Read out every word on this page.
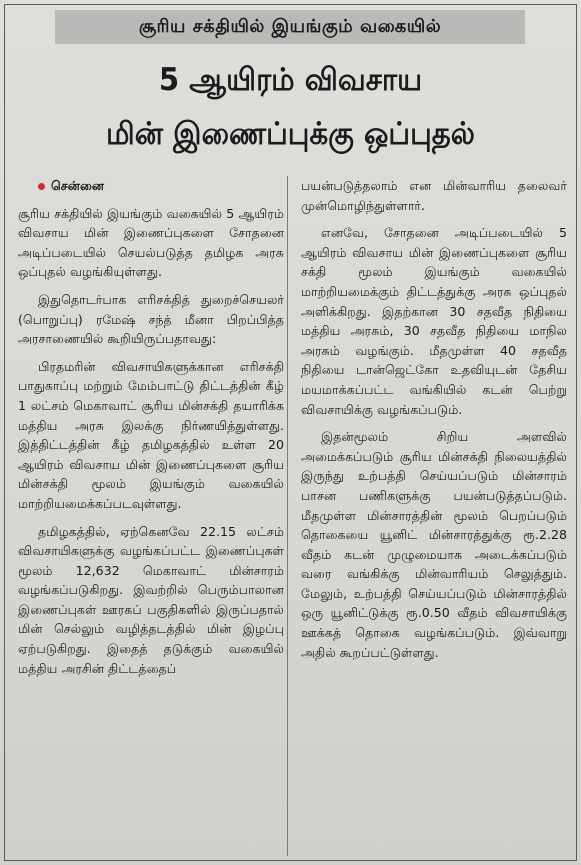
சூரிய சக்தியில் இயங்கும் வகையில்
5 ஆயிரம் விவசாய
மின் இணைப்புக்கு ஒப்புதல்

சென்னை

சூரிய சக்தியில் இயங்கும் வகையில் 5 ஆயிரம் விவசாய மின் இணைப்புகளை சோதனை அடிப்படையில் செயல்படுத்த தமிழக அரசு ஒப்புதல் வழங்கியுள்ளது.

இதுதொடர்பாக எரிசக்தித் துறைச்செயலர் (பொறுப்பு) ரமேஷ் சந்த் மீனா பிறப்பித்த அரசாணையில் கூறியிருப்பதாவது:

பிரதமரின் விவசாயிகளுக்கான எரிசக்தி பாதுகாப்பு மற்றும் மேம்பாட்டு திட்டத்தின் கீழ் 1 லட்சம் மெகாவாட் சூரிய மின்சக்தி தயாரிக்க மத்திய அரசு இலக்கு நிர்ணயித்துள்ளது. இத்திட்டத்தின் கீழ் தமிழகத்தில் உள்ள 20 ஆயிரம் விவசாய மின் இணைப்புகளை சூரிய மின்சக்தி மூலம் இயங்கும் வகையில் மாற்றியமைக்கப்படவுள்ளது.

தமிழகத்தில், ஏற்கெனவே 22.15 லட்சம் விவசாயிகளுக்கு வழங்கப்பட்ட இணைப்புகள் மூலம் 12,632 மெகாவாட் மின்சாரம் வழங்கப்படுகிறது. இவற்றில் பெரும்பாலான இணைப்புகள் ஊரகப் பகுதிகளில் இருப்பதால் மின் செல்லும் வழித்தடத்தில் மின் இழப்பு ஏற்படுகிறது. இதைத் தடுக்கும் வகையில் மத்திய அரசின் திட்டத்தைப்

பயன்படுத்தலாம் என மின்வாரிய தலைவர் முன்மொழிந்துள்ளார்.

எனவே, சோதனை அடிப்படையில் 5 ஆயிரம் விவசாய மின் இணைப்புகளை சூரிய சக்தி மூலம் இயங்கும் வகையில் மாற்றியமைக்கும் திட்டத்துக்கு அரசு ஒப்புதல் அளிக்கிறது. இதற்கான 30 சதவீத நிதியை மத்திய அரசும், 30 சதவீத நிதியை மாநில அரசும் வழங்கும். மீதமுள்ள 40 சதவீத நிதியை டான்ஜெட்கோ உதவியுடன் தேசிய மயமாக்கப்பட்ட வங்கியில் கடன் பெற்று விவசாயிக்கு வழங்கப்படும்.

இதன்மூலம் சிறிய அளவில் அமைக்கப்படும் சூரிய மின்சக்தி நிலையத்தில் இருந்து உற்பத்தி செய்யப்படும் மின்சாரம் பாசன பணிகளுக்கு பயன்படுத்தப்படும். மீதமுள்ள மின்சாரத்தின் மூலம் பெறப்படும் தொகையை யூனிட் மின்சாரத்துக்கு ரூ.2.28 வீதம் கடன் முழுமையாக அடைக்கப்படும் வரை வங்கிக்கு மின்வாரியம் செலுத்தும். மேலும், உற்பத்தி செய்யப்படும் மின்சாரத்தில் ஒரு யூனிட்டுக்கு ரூ.0.50 வீதம் விவசாயிக்கு ஊக்கத் தொகை வழங்கப்படும். இவ்வாறு அதில் கூறப்பட்டுள்ளது.
